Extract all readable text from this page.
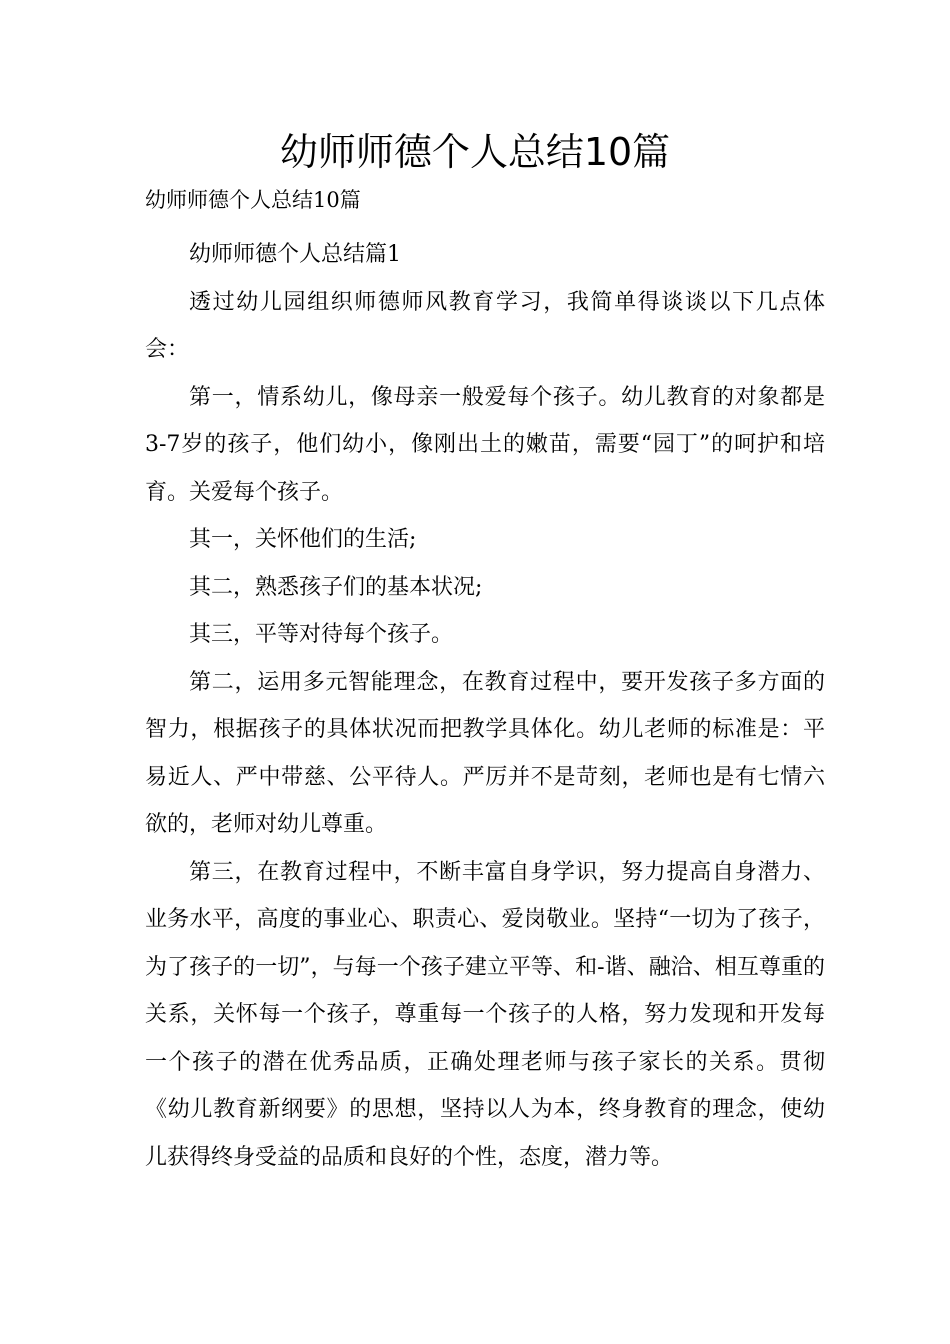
幼师师德个人总结10篇
幼师师德个人总结10篇

幼师师德个人总结篇1

透过幼儿园组织师德师风教育学习，我简单得谈谈以下几点体会：

第一，情系幼儿，像母亲一般爱每个孩子。幼儿教育的对象都是3-7岁的孩子，他们幼小，像刚出土的嫩苗，需要“园丁”的呵护和培育。关爱每个孩子。

其一，关怀他们的生活;

其二，熟悉孩子们的基本状况;

其三，平等对待每个孩子。

第二，运用多元智能理念，在教育过程中，要开发孩子多方面的智力，根据孩子的具体状况而把教学具体化。幼儿老师的标准是：平易近人、严中带慈、公平待人。严厉并不是苛刻，老师也是有七情六欲的，老师对幼儿尊重。

第三，在教育过程中，不断丰富自身学识，努力提高自身潜力、业务水平，高度的事业心、职责心、爱岗敬业。坚持“一切为了孩子，为了孩子的一切”，与每一个孩子建立平等、和-谐、融洽、相互尊重的关系，关怀每一个孩子，尊重每一个孩子的人格，努力发现和开发每一个孩子的潜在优秀品质，正确处理老师与孩子家长的关系。贯彻《幼儿教育新纲要》的思想，坚持以人为本，终身教育的理念，使幼儿获得终身受益的品质和良好的个性，态度，潜力等。
